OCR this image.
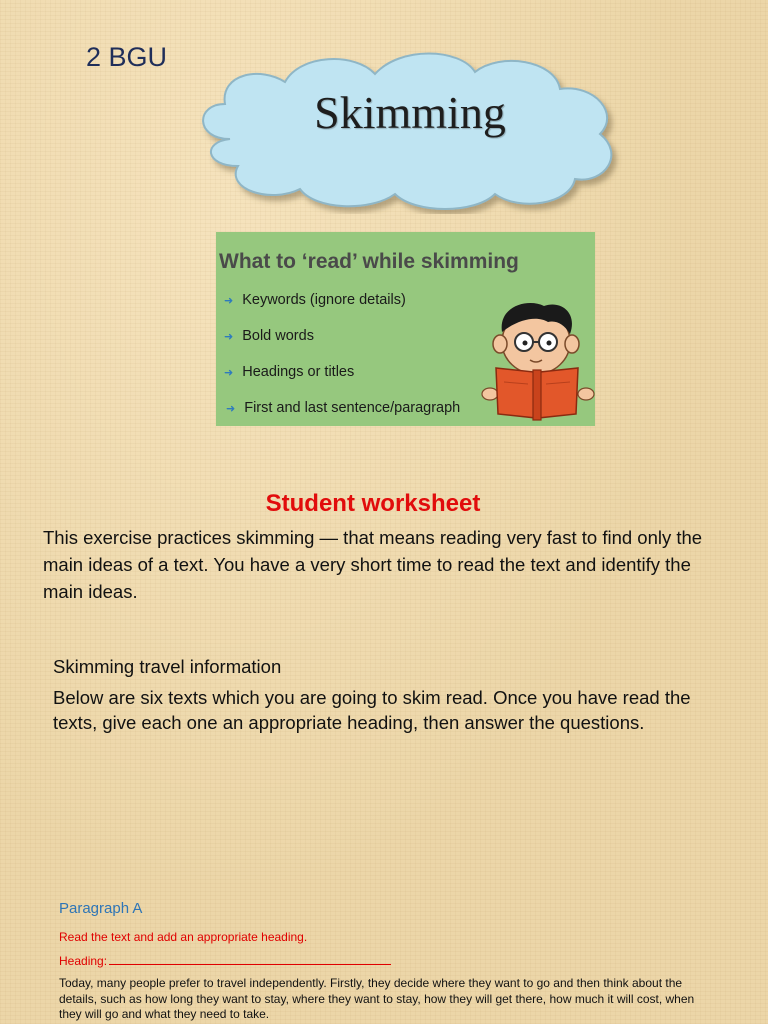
2 BGU
Skimming
What to ‘read’ while skimming
➜ Keywords (ignore details)
➜ Bold words
➜ Headings or titles
➜ First and last sentence/paragraph
Student worksheet
This exercise practices skimming — that means reading very fast to find only the main ideas of a text. You have a very short time to read the text and identify the main ideas.
Skimming travel information
Below are six texts which you are going to skim read. Once you have read the texts, give each one an appropriate heading, then answer the questions.
Paragraph A
Read the text and add an appropriate heading.
Heading:
Today, many people prefer to travel independently. Firstly, they decide where they want to go and then think about the details, such as how long they want to stay, where they want to stay, how they will get there, how much it will cost, when they will go and what they need to take.
